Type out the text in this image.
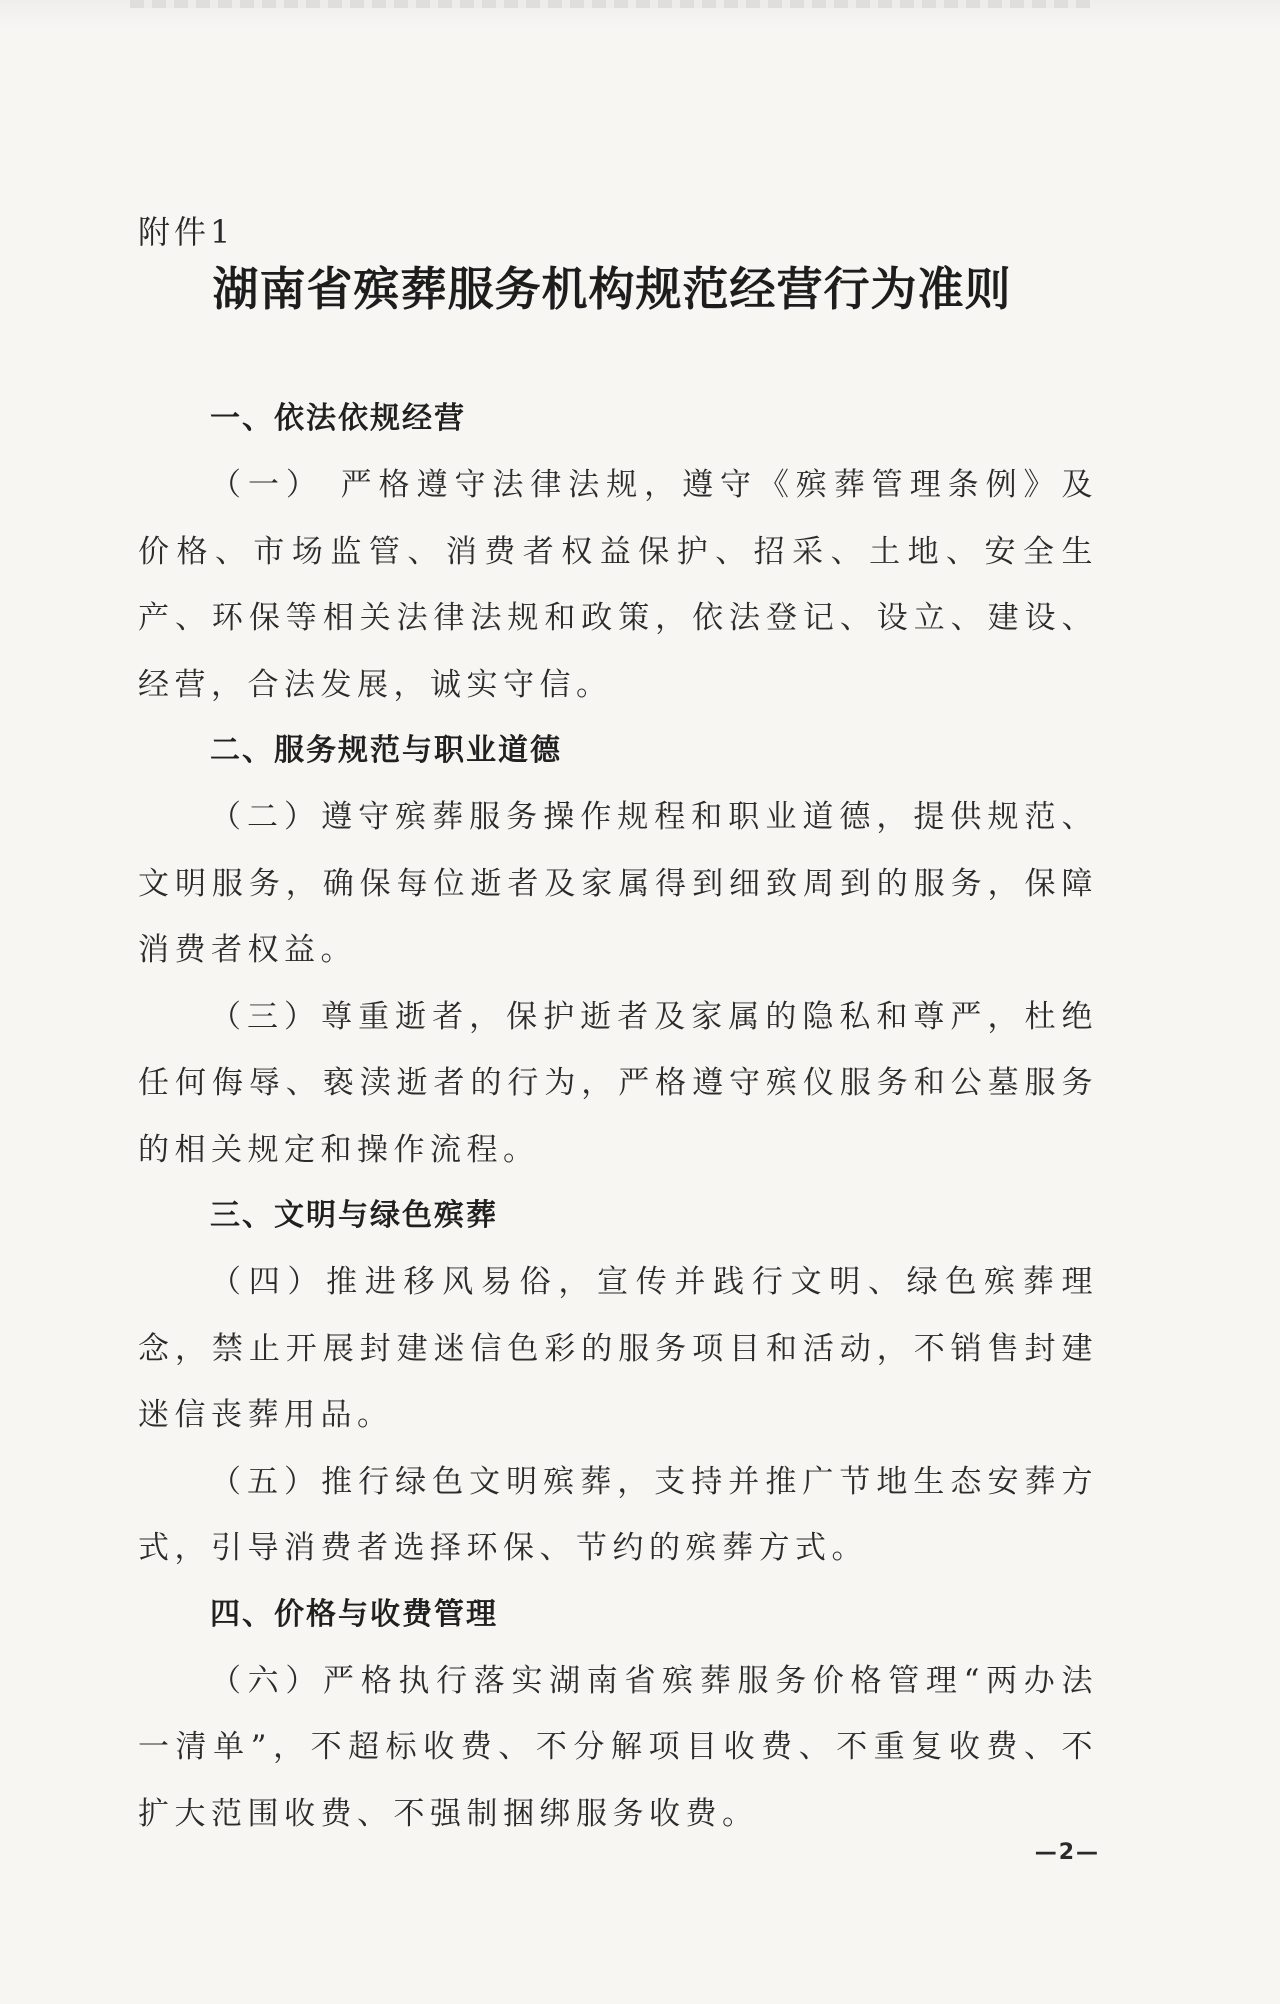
附件1

湖南省殡葬服务机构规范经营行为准则
一、依法依规经营

（一） 严格遵守法律法规，遵守《殡葬管理条例》及价格、市场监管、消费者权益保护、招采、土地、安全生产、环保等相关法律法规和政策，依法登记、设立、建设、经营，合法发展，诚实守信。

二、服务规范与职业道德

（二）遵守殡葬服务操作规程和职业道德，提供规范、文明服务，确保每位逝者及家属得到细致周到的服务，保障消费者权益。

（三）尊重逝者，保护逝者及家属的隐私和尊严，杜绝任何侮辱、亵渎逝者的行为，严格遵守殡仪服务和公墓服务的相关规定和操作流程。

三、文明与绿色殡葬

（四）推进移风易俗，宣传并践行文明、绿色殡葬理念，禁止开展封建迷信色彩的服务项目和活动，不销售封建迷信丧葬用品。

（五）推行绿色文明殡葬，支持并推广节地生态安葬方式，引导消费者选择环保、节约的殡葬方式。

四、价格与收费管理

（六）严格执行落实湖南省殡葬服务价格管理“两办法一清单”，不超标收费、不分解项目收费、不重复收费、不扩大范围收费、不强制捆绑服务收费。

—2—
